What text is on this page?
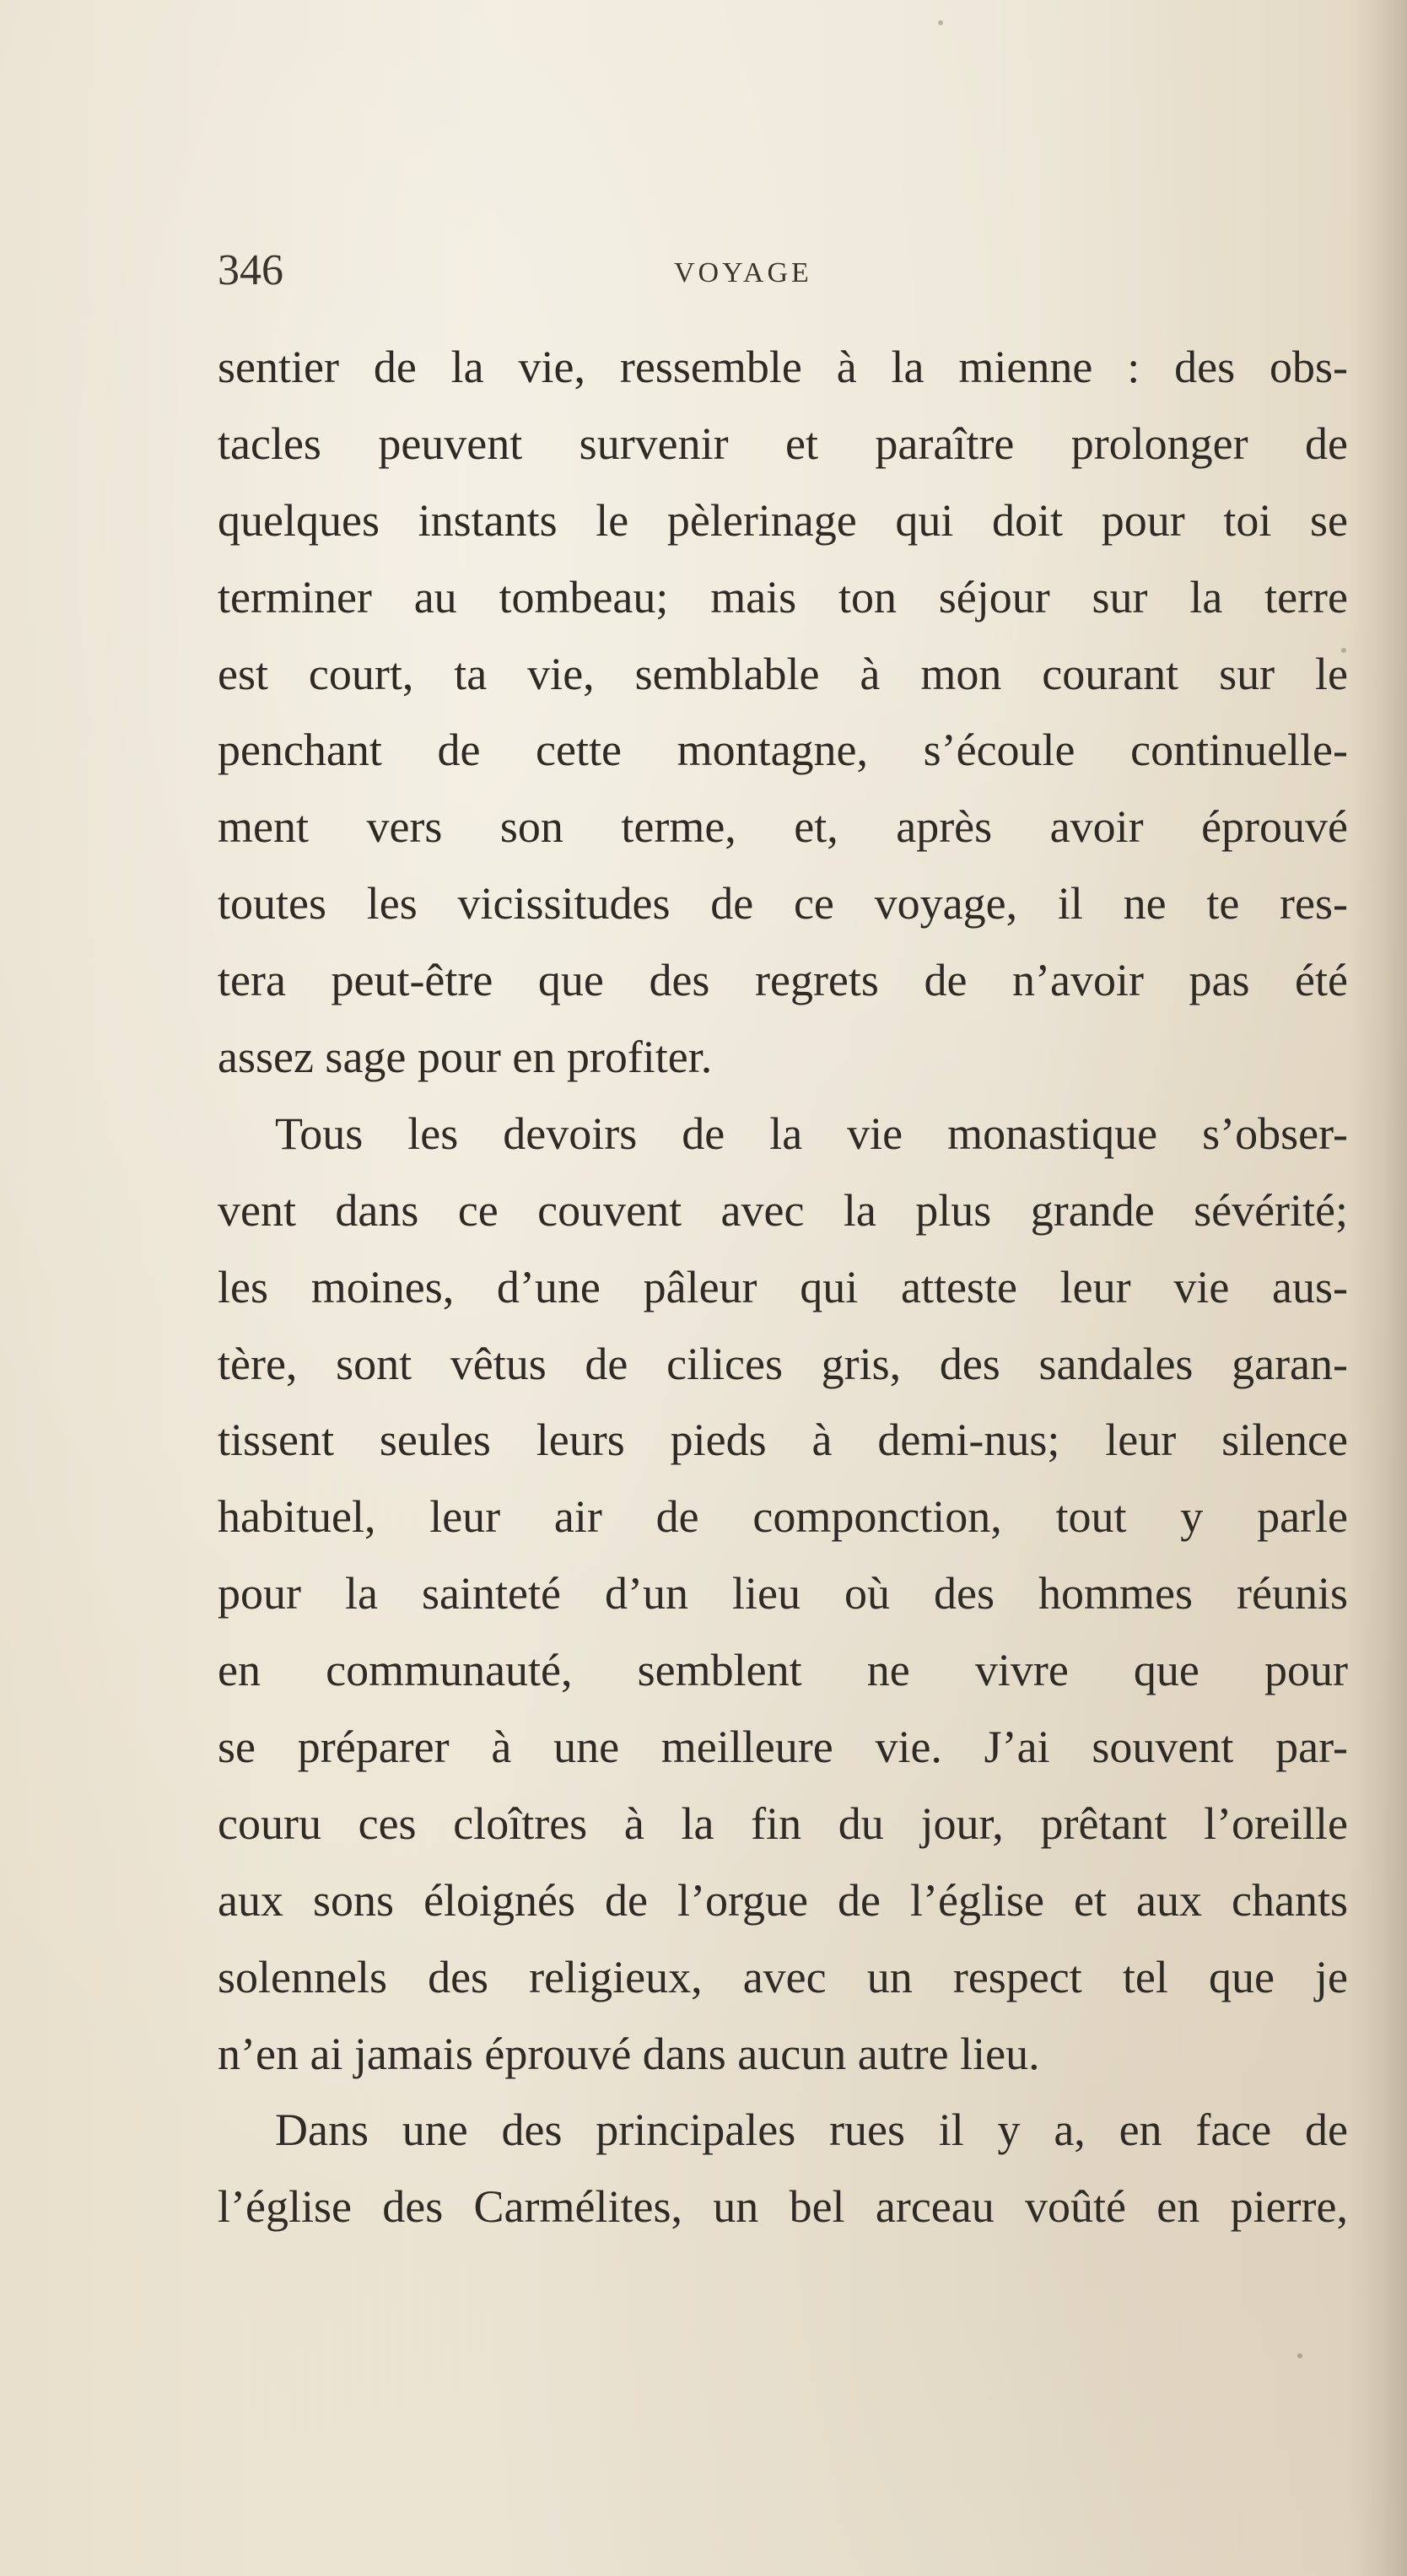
346	VOYAGE
sentier de la vie, ressemble à la mienne : des obs-
tacles peuvent survenir et paraître prolonger de
quelques instants le pèlerinage qui doit pour toi se
terminer au tombeau; mais ton séjour sur la terre
est court, ta vie, semblable à mon courant sur le
penchant de cette montagne, s’écoule continuelle-
ment vers son terme, et, après avoir éprouvé
toutes les vicissitudes de ce voyage, il ne te res-
tera peut-être que des regrets de n’avoir pas été
assez sage pour en profiter.
Tous les devoirs de la vie monastique s’obser-
vent dans ce couvent avec la plus grande sévérité;
les moines, d’une pâleur qui atteste leur vie aus-
tère, sont vêtus de cilices gris, des sandales garan-
tissent seules leurs pieds à demi-nus; leur silence
habituel, leur air de componction, tout y parle
pour la sainteté d’un lieu où des hommes réunis
en communauté, semblent ne vivre que pour
se préparer à une meilleure vie. J’ai souvent par-
couru ces cloîtres à la fin du jour, prêtant l’oreille
aux sons éloignés de l’orgue de l’église et aux chants
solennels des religieux, avec un respect tel que je
n’en ai jamais éprouvé dans aucun autre lieu.
Dans une des principales rues il y a, en face de
l’église des Carmélites, un bel arceau voûté en pierre,
